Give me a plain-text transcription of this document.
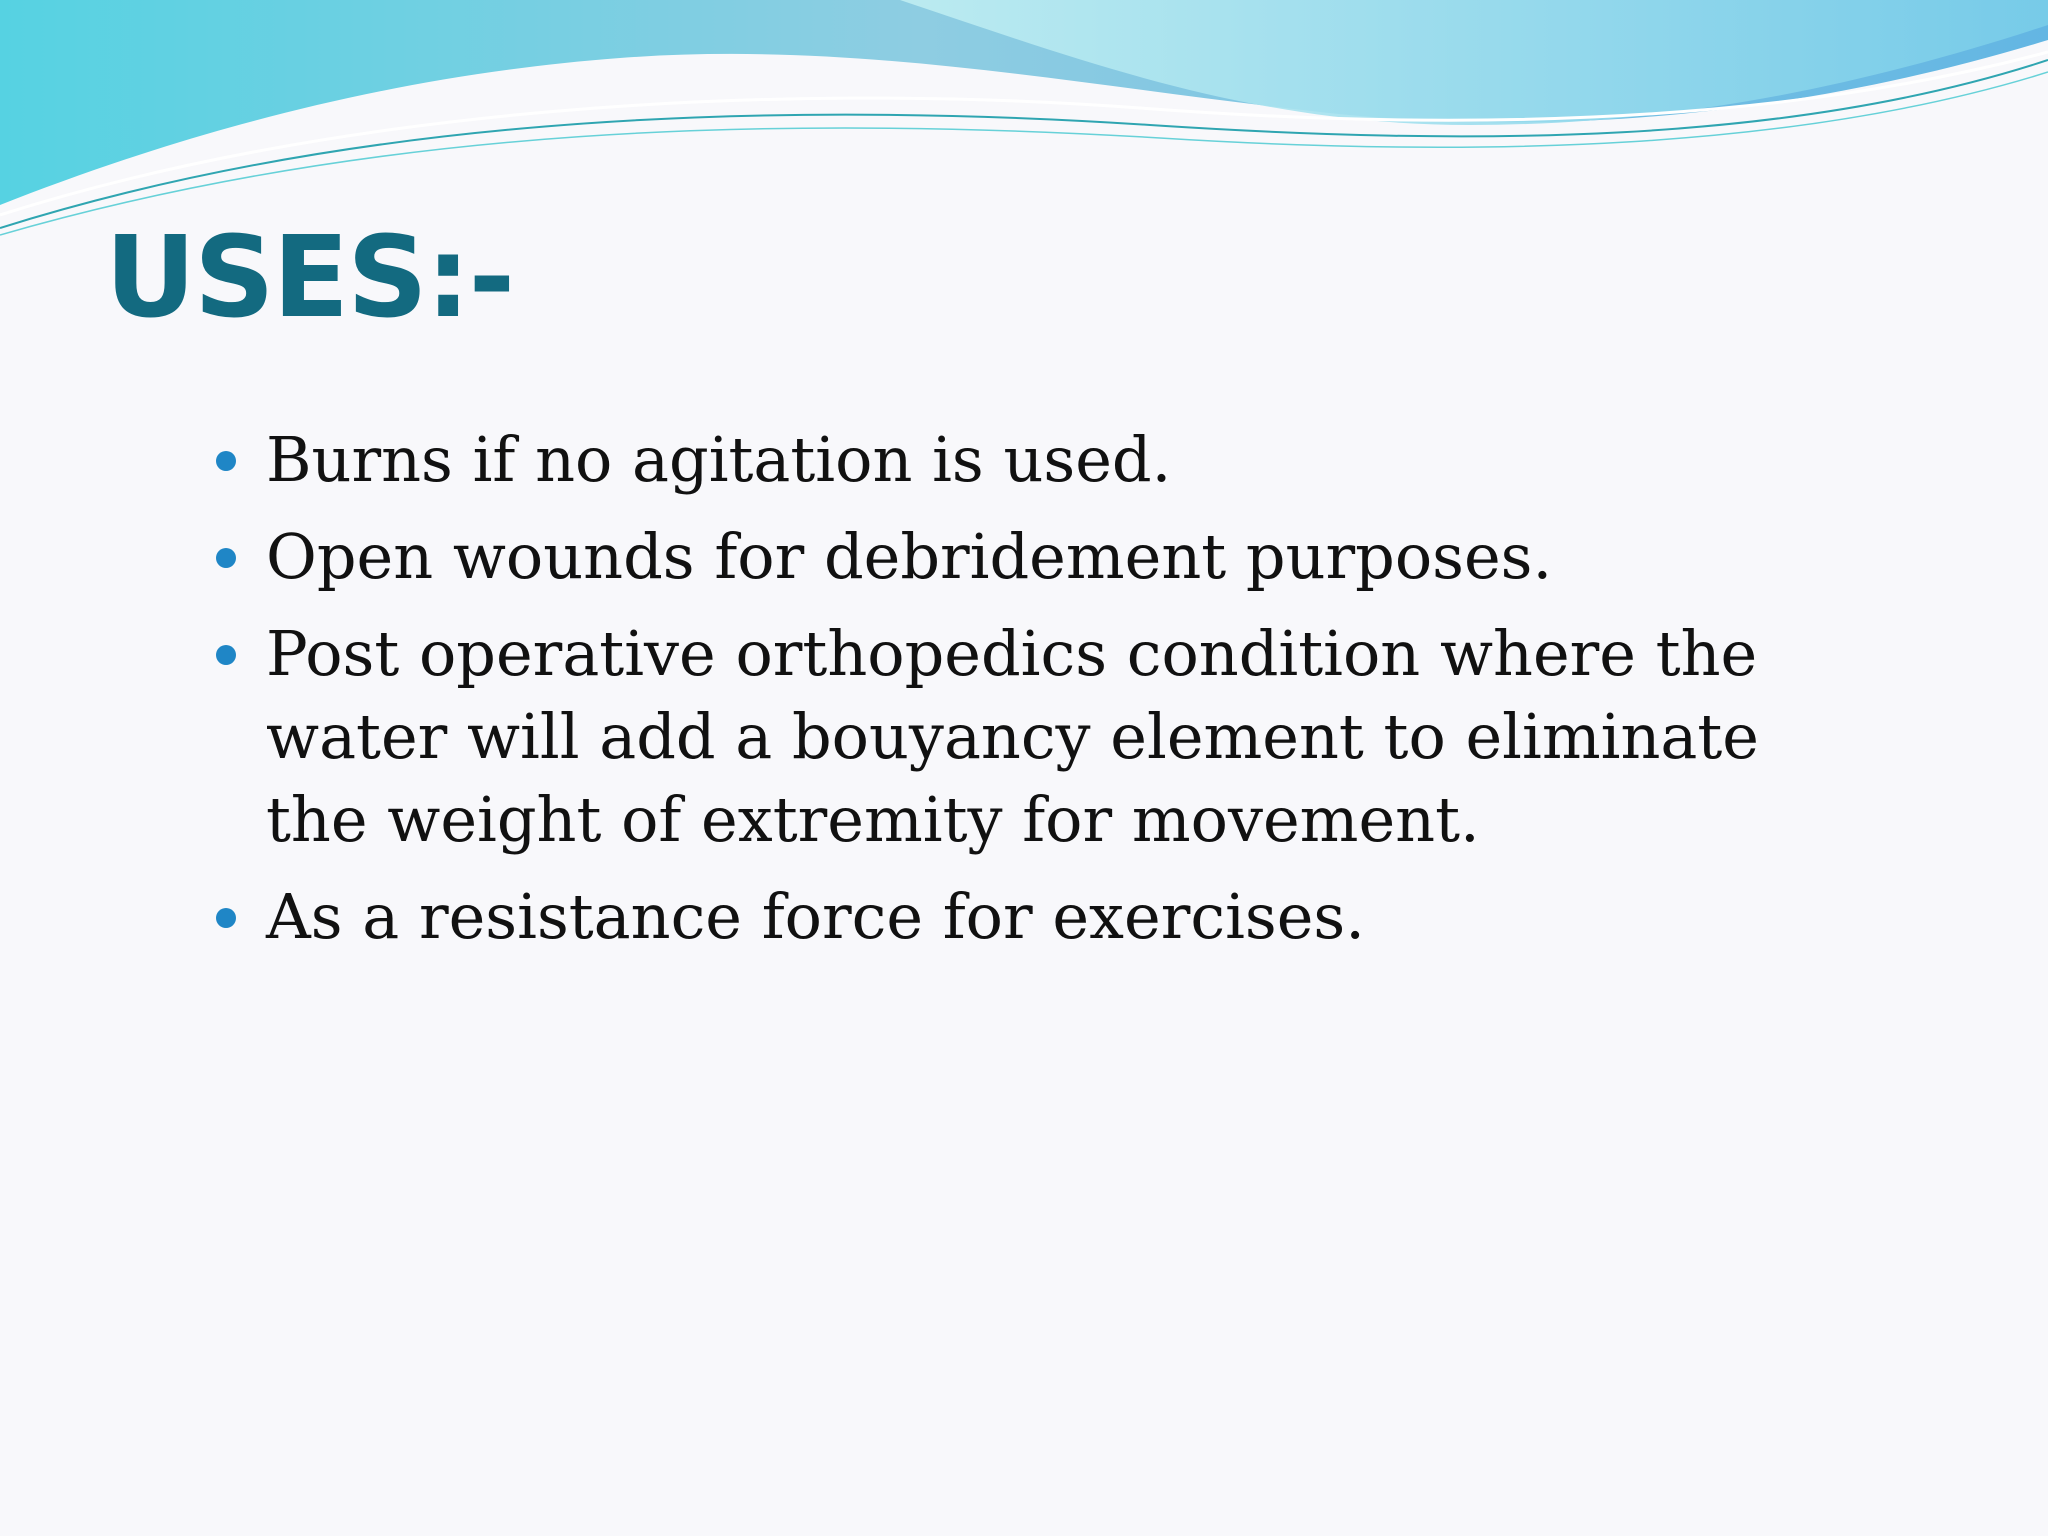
USES:-
Burns if no agitation is used.
Open wounds for debridement purposes.
Post operative orthopedics condition where the water will add a bouyancy element to eliminate the weight of extremity for movement.
As a resistance force for exercises.
